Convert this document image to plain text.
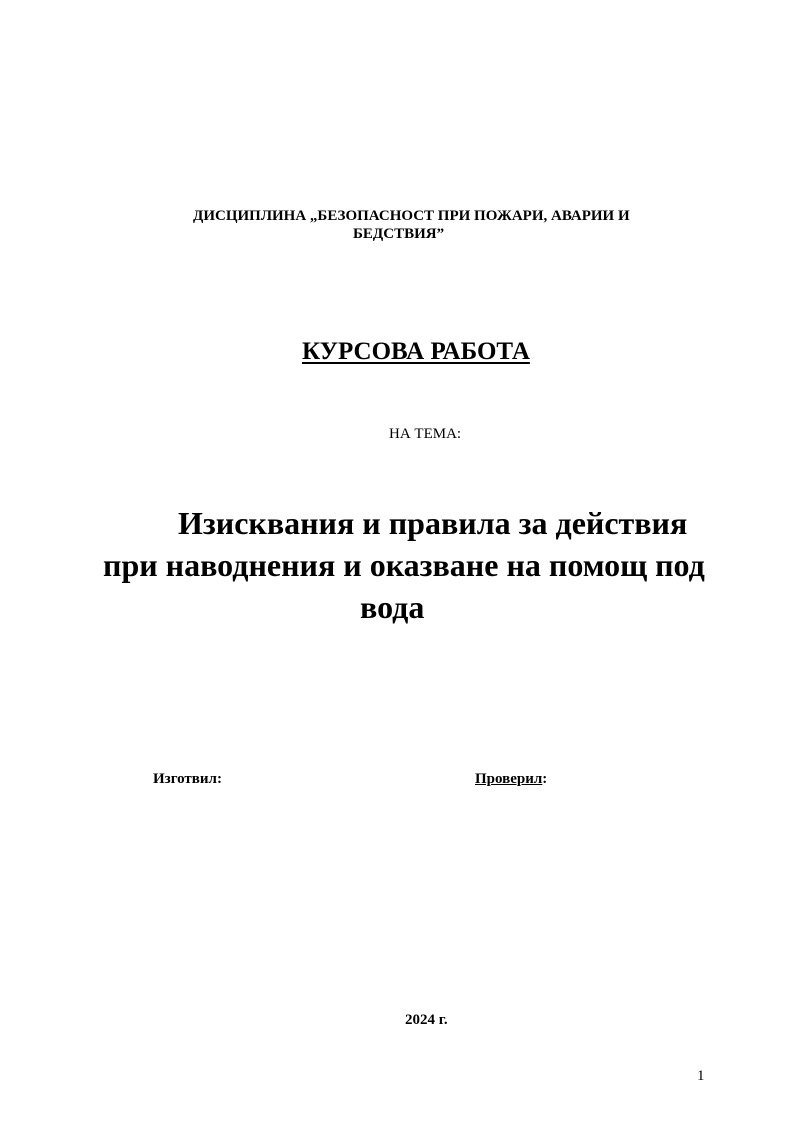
ДИСЦИПЛИНА „БЕЗОПАСНОСТ ПРИ ПОЖАРИ, АВАРИИ И
БЕДСТВИЯ”
КУРСОВА РАБОТА
НА ТЕМА:
Изисквания и правила за действия
при наводнения и оказване на помощ под
вода
Изготвил:	Проверил:
2024 г.
1
